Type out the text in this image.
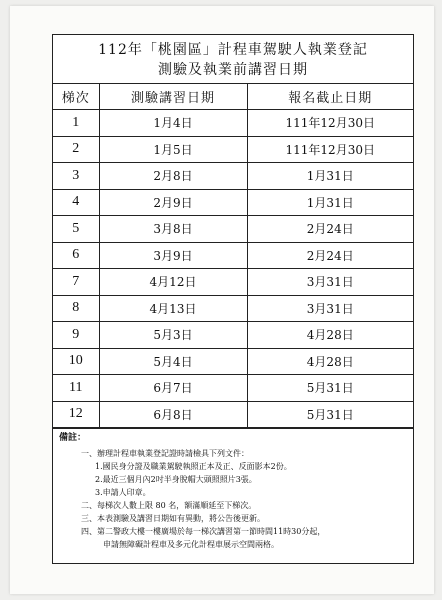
112年「桃園區」計程車駕駛人執業登記
測驗及執業前講習日期
梯次	測驗講習日期	報名截止日期
1	1月4日	111年12月30日
2	1月5日	111年12月30日
3	2月8日	1月31日
4	2月9日	1月31日
5	3月8日	2月24日
6	3月9日	2月24日
7	4月12日	3月31日
8	4月13日	3月31日
9	5月3日	4月28日
10	5月4日	4月28日
11	6月7日	5月31日
12	6月8日	5月31日
備註：
一、辦理計程車執業登記證時請檢具下列文件：
1.國民身分證及職業駕駛執照正本及正、反面影本2份。
2.最近三個月內2吋半身脫帽大頭照照片3張。
3.申請人印章。
二、每梯次人數上限 80 名，額滿順延至下梯次。
三、本表測驗及講習日期如有異動，將公告後更新。
四、第二警政大樓一樓廣場於每一梯次講習第一節時間11時30分起，
申請無障礙計程車及多元化計程車展示空間兩格。
